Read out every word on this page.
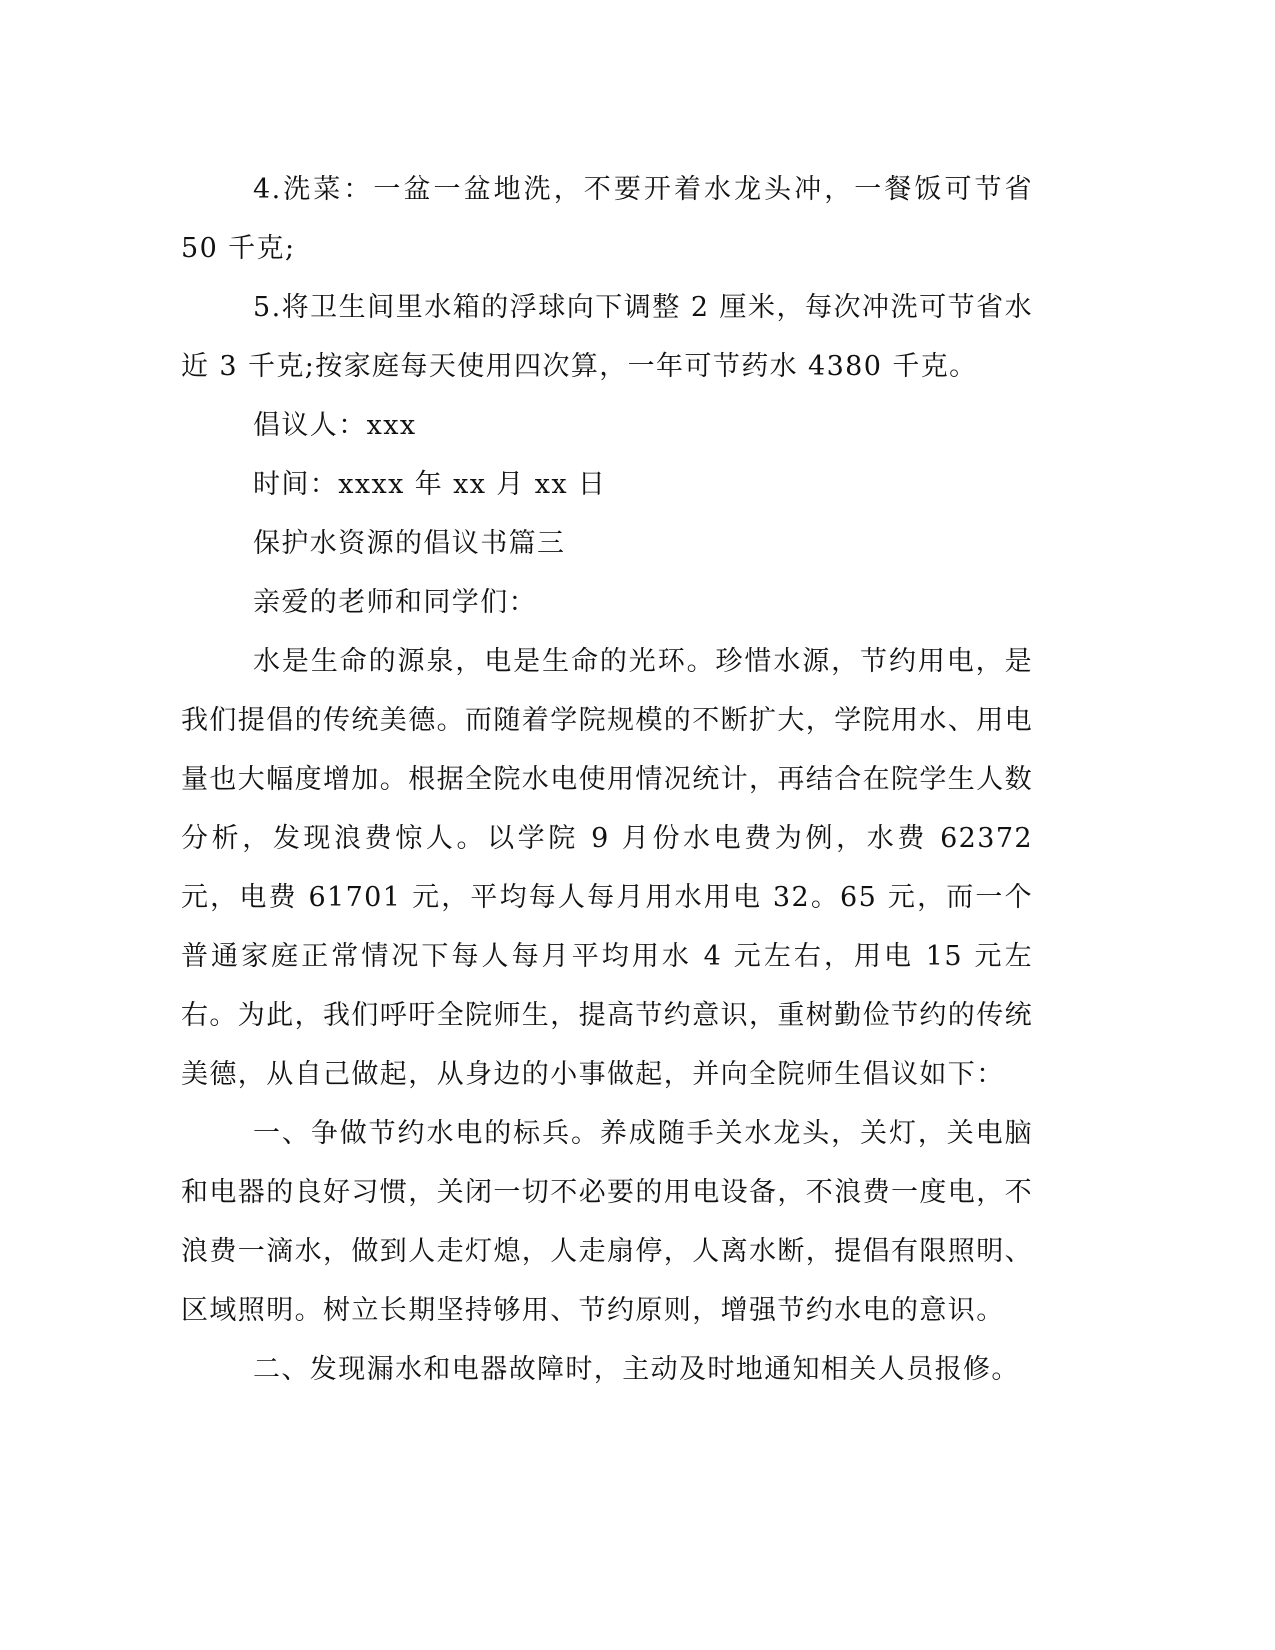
4.洗菜：一盆一盆地洗，不要开着水龙头冲，一餐饭可节省 50 千克;

5.将卫生间里水箱的浮球向下调整 2 厘米，每次冲洗可节省水近 3 千克;按家庭每天使用四次算，一年可节药水 4380 千克。

倡议人：xxx

时间：xxxx 年 xx 月 xx 日

保护水资源的倡议书篇三

亲爱的老师和同学们：

水是生命的源泉，电是生命的光环。珍惜水源，节约用电，是我们提倡的传统美德。而随着学院规模的不断扩大，学院用水、用电量也大幅度增加。根据全院水电使用情况统计，再结合在院学生人数分析，发现浪费惊人。以学院 9 月份水电费为例，水费 62372 元，电费 61701 元，平均每人每月用水用电 32。65 元，而一个普通家庭正常情况下每人每月平均用水 4 元左右，用电 15 元左右。为此，我们呼吁全院师生，提高节约意识，重树勤俭节约的传统美德，从自己做起，从身边的小事做起，并向全院师生倡议如下：

一、争做节约水电的标兵。养成随手关水龙头，关灯，关电脑和电器的良好习惯，关闭一切不必要的用电设备，不浪费一度电，不浪费一滴水，做到人走灯熄，人走扇停，人离水断，提倡有限照明、区域照明。树立长期坚持够用、节约原则，增强节约水电的意识。

二、发现漏水和电器故障时，主动及时地通知相关人员报修。
